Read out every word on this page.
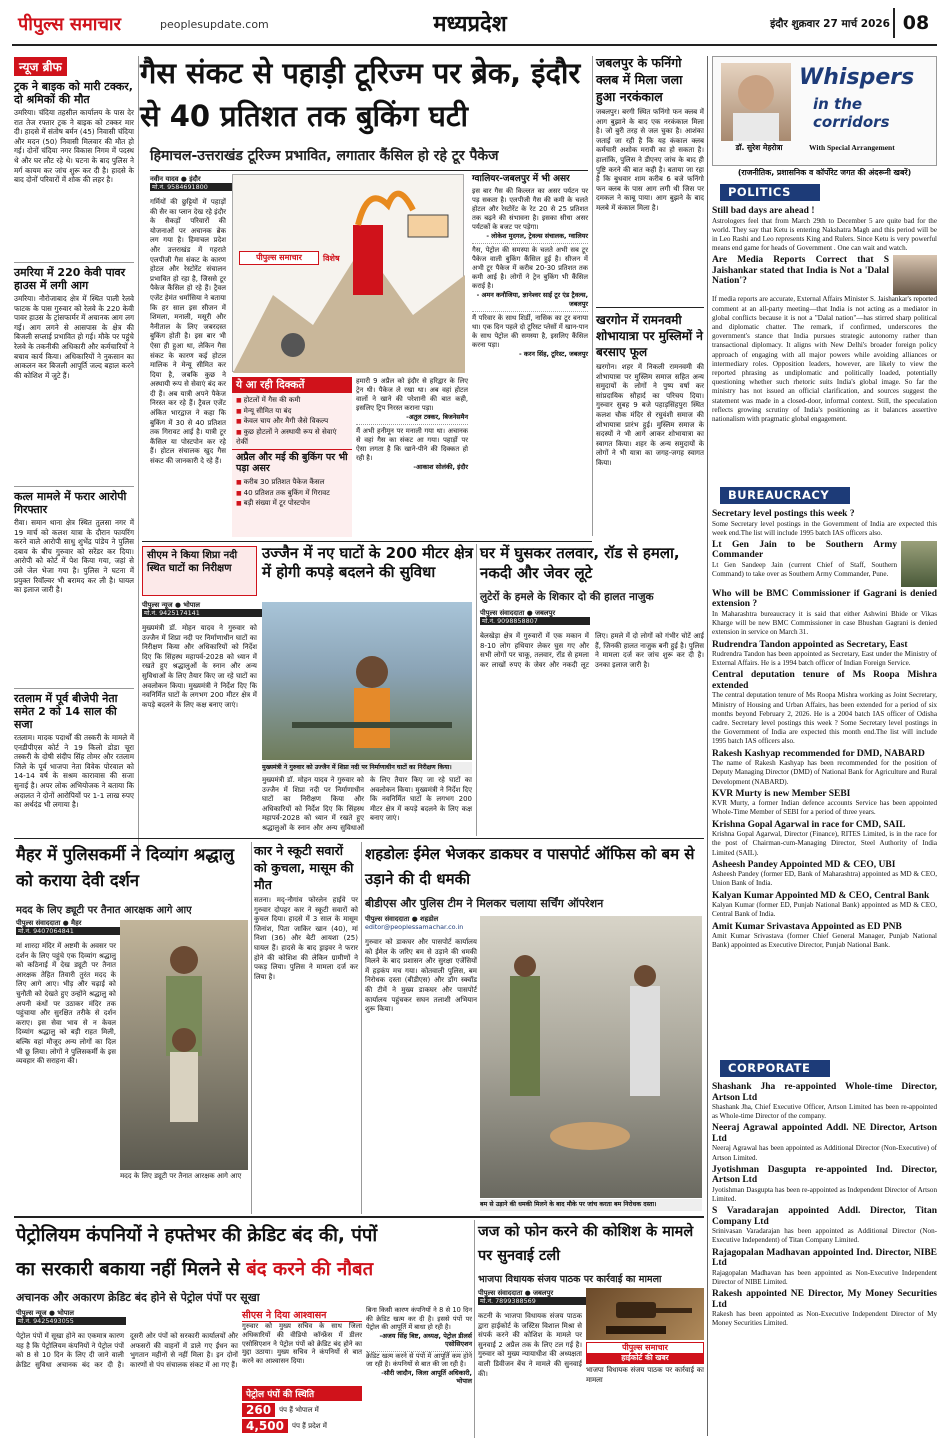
पीपुल्स समाचार	peoplesupdate.com	मध्यप्रदेश	इंदौर शुक्रवार 27 मार्च 2026 08
न्यूज ब्रीफ
ट्रक ने बाइक को मारी टक्कर, दो श्रमिकों की मौत
उमरिया। चंदिया तहसील कार्यालय के पास देर रात तेज रफ्तार ट्रक ने बाइक को टक्कर मार दी। हादसे में संतोष बर्मन (45) निवासी चंदिया और मदन (50) निवासी मिलवार की मौत हो गई। दोनों चंदिया नगर विकास निगम में पदस्थ थे और घर लौट रहे थे। घटना के बाद पुलिस ने मर्ग कायम कर जांच शुरू कर दी है। हादसे के बाद दोनों परिवारों में शोक की लहर है।
उमरिया में 220 केवी पावर हाउस में लगी आग
उमरिया। नौरोजाबाद क्षेत्र में स्थित पाली रेलवे फाटक के पास गुरुवार को रेलवे के 220 केवी पावर हाउस के ट्रांसफार्मर में अचानक आग लग गई। आग लगने से आसपास के क्षेत्र की बिजली सप्लाई प्रभावित हो गई। मौके पर पहुंचे रेलवे के तकनीकी अधिकारी और कर्मचारियों ने बचाव कार्य किया। अधिकारियों ने नुकसान का आकलन कर बिजली आपूर्ति जल्द बहाल करने की कोशिश में जुटे हैं।
कत्ल मामले में फरार आरोपी गिरफ्तार
रीवा। समान थाना क्षेत्र स्थित तुलसा नगर में 19 मार्च को कलश यात्रा के दौरान फायरिंग करने वाले आरोपी साधु शुभेंद्र पांडेय ने पुलिस दबाव के बीच गुरुवार को सरेंडर कर दिया। आरोपी को कोर्ट में पेश किया गया, जहां से उसे जेल भेजा गया है। पुलिस ने घटना में प्रयुक्त रिवॉल्वर भी बरामद कर ली है। घायल का इलाज जारी है।
रतलाम में पूर्व बीजेपी नेता समेत 2 को 14 साल की सजा
रतलाम। मादक पदार्थों की तस्करी के मामले में एनडीपीएस कोर्ट ने 19 किलो डोडा चूरा तस्करी के दोषी संदीप सिंह तोमर और रतलाम जिले के पूर्व भाजपा नेता विवेक पोरवाल को 14-14 वर्ष के सश्रम कारावास की सजा सुनाई है। अपर लोक अभियोजक ने बताया कि अदालत ने दोनों आरोपियों पर 1-1 लाख रुपए का अर्थदंड भी लगाया है।
गैस संकट से पहाड़ी टूरिज्म पर ब्रेक, इंदौर से 40 प्रतिशत तक बुकिंग घटी
हिमाचल-उत्तराखंड टूरिज्म प्रभावित, लगातार कैंसिल हो रहे टूर पैकेज
नवीन यादव ● इंदौर
मो.नं. 9584691800
गर्मियों की छुट्टियों में पहाड़ों की सैर का प्लान देख रहे इंदौर के सैकड़ों परिवारों की योजनाओं पर अचानक ब्रेक लग गया है। हिमाचल प्रदेश और उत्तराखंड में गहराते एलपीजी गैस संकट के कारण होटल और रेस्टोरेंट संचालन प्रभावित हो रहा है, जिससे टूर पैकेज कैंसिल हो रहे हैं। ट्रैवल एजेंट हेमंत धर्मासिया ने बताया कि हर साल इस सीजन में शिमला, मनाली, मसूरी और नैनीताल के लिए जबरदस्त बुकिंग होती है। इस बार भी ऐसा ही हुआ था, लेकिन गैस संकट के कारण कई होटल मालिक ने मेन्यू सीमित कर दिया है, जबकि कुछ ने अस्थायी रूप से सेवाएं बंद कर दी हैं। अब यात्री अपने पैकेज निरस्त कर रहे हैं। ट्रैवल एजेंट अंकित भारद्वाज ने कहा कि बुकिंग में 30 से 40 प्रतिशत तक गिरावट आई है। यात्री टूर कैंसिल या पोस्टपोन कर रहे हैं। होटल संचालक खुद गैस संकट की जानकारी दे रहे हैं।
पीपुल्स समाचार	विशेष
ये आ रही दिक्कतें
■ होटलों में गैस की कमी
■ मेन्यू सीमित या बंद
■ केवल चाय और मैगी जैसे विकल्प
■ कुछ होटलों ने अस्थायी रूप से सेवाएं रोकीं
अप्रैल और मई की बुकिंग पर भी पड़ा असर
■ करीब 30 प्रतिशत पैकेज कैंसल
■ 40 प्रतिशत तक बुकिंग में गिरावट
■ बड़ी संख्या में टूर पोस्टपोन
हमारी 9 अप्रैल को इंदौर से हरिद्वार के लिए ट्रेन थी। पैकेज ले रखा था। अब वहां होटल वालों ने खाने की परेशानी की बात कही, इसलिए ट्रिप निरस्त कराना पड़ा।
-अतुल टक्कर, बिजनेसमैन
मैं अभी हनीमून पर मनाली गया था। अचानक से वहां गैस का संकट आ गया। पहाड़ों पर ऐसा लगता है कि खाने-पीने की दिक्कत हो रही है।
-आकाश सोलंकी, इंदौर
ग्वालियर-जबलपुर में भी असर
इस बार गैस की किल्लत का असर पर्यटन पर पड़ सकता है। एलपीजी गैस की कमी के चलते होटल और रेस्टोरेंट के रेट 20 से 25 प्रतिशत तक बढ़ने की संभावना है। इसका सीधा असर पर्यटकों के बजट पर पड़ेगा।
- लोकेश मुदगल, ट्रेवल्स संचालक, ग्वालियर
गैस, पेट्रोल की समस्या के चलते अभी सब टूर पैकेज वाली बुकिंग कैंसिल हुई है। सीजन में अभी टूर पैकेज में करीब 20-30 प्रतिशत तक कमी आई है। लोगों ने ट्रेन बुकिंग भी कैंसिल कराई है।
- अमन कनौजिया, ज्ञानेश्वर साईं टूर एंड ट्रैवल्स, जबलपुर
मैं परिवार के साथ शिर्डी, नासिक का टूर बनाया था। एक दिन पहले दो टूरिस्ट प्लेसों में खान-पान के साथ पेट्रोल की समस्या है, इसलिए कैंसिल करना पड़ा।
- करन सिंह, टूरिस्ट, जबलपुर
जबलपुर के फनिंगो क्लब में मिला जला हुआ नरकंकाल
जबलपुर। बरगी स्थित फनिंगो फन क्लब में आग बुझाने के बाद एक नरकंकाल मिला है। जो बुरी तरह से जल चुका है। आशंका जताई जा रही है कि यह कंकाल क्लब कर्मचारी अशोक मरावी का हो सकता है। हालांकि, पुलिस ने डीएनए जांच के बाद ही पुष्टि करने की बात कही है। बताया जा रहा है कि बुधवार शाम करीब 6 बजे फनिंगो फन क्लब के पास आग लगी थी जिस पर दमकल ने काबू पाया। आग बुझने के बाद मलबे में कंकाल मिला है।
खरगोन में रामनवमी शोभायात्रा पर मुस्लिमों ने बरसाए फूल
खरगोन। शहर में निकली रामनवमी की शोभायात्रा पर मुस्लिम समाज सहित अन्य समुदायों के लोगों ने पुष्प वर्षा कर सांप्रदायिक सौहार्द का परिचय दिया। गुरुवार सुबह 9 बजे पहाड़सिंहपुरा स्थित कलश चौक मंदिर से रघुवंशी समाज की शोभायात्रा प्रारंभ हुई। मुस्लिम समाज के सदस्यों ने भी आगे आकर शोभायात्रा का स्वागत किया। शहर के अन्य समुदायों के लोगों ने भी यात्रा का जगह-जगह स्वागत किया।
सीएम ने किया शिप्रा नदी स्थित घाटों का निरीक्षण
उज्जैन में नए घाटों के 200 मीटर क्षेत्र में होगी कपड़े बदलने की सुविधा
पीपुल्स न्यूज ● भोपाल
मो.नं. 9425174141
मुख्यमंत्री डॉ. मोहन यादव ने गुरुवार को उज्जैन में शिप्रा नदी पर निर्माणाधीन घाटों का निरीक्षण किया और अधिकारियों को निर्देश दिए कि सिंहस्थ महापर्व-2028 को ध्यान में रखते हुए श्रद्धालुओं के स्नान और अन्य सुविधाओं के लिए तैयार किए जा रहे घाटों का अवलोकन किया। मुख्यमंत्री ने निर्देश दिए कि नवनिर्मित घाटों के लगभग 200 मीटर क्षेत्र में कपड़े बदलने के लिए कक्ष बनाए जाएं।
मुख्यमंत्री ने गुरुवार को उज्जैन में शिप्रा नदी पर निर्माणाधीन घाटों का निरीक्षण किया।
मुख्यमंत्री डॉ. मोहन यादव ने गुरुवार को उज्जैन में शिप्रा नदी पर निर्माणाधीन घाटों का निरीक्षण किया और अधिकारियों को निर्देश दिए कि सिंहस्थ महापर्व-2028 को ध्यान में रखते हुए श्रद्धालुओं के स्नान और अन्य सुविधाओं के लिए तैयार किए जा रहे घाटों का अवलोकन किया। मुख्यमंत्री ने निर्देश दिए कि नवनिर्मित घाटों के लगभग 200 मीटर क्षेत्र में कपड़े बदलने के लिए कक्ष बनाए जाएं।
घर में घुसकर तलवार, रॉड से हमला, नकदी और जेवर लूटे
लुटेरों के हमले के शिकार दो की हालत नाजुक
पीपुल्स संवाददाता ● जबलपुर
मो.नं. 9098858807
बेलखेड़ा क्षेत्र में गुरुवारों में एक मकान में 8-10 लोग हथियार लेकर घुस गए और सभी लोगों पर चाकू, तलवार, रॉड से हमला कर लाखों रुपए के जेवर और नकदी लूट लिए। हमले में दो लोगों को गंभीर चोटें आई हैं, जिनकी हालत नाजुक बनी हुई है। पुलिस ने मामला दर्ज कर जांच शुरू कर दी है। उनका इलाज जारी है।
मैहर में पुलिसकर्मी ने दिव्यांग श्रद्धालु को कराया देवी दर्शन
मदद के लिए ड्यूटी पर तैनात आरक्षक आगे आए
पीपुल्स संवाददाता ● मैहर
मो.नं. 9407064841
मां शारदा मंदिर में अष्टमी के अवसर पर दर्शन के लिए पहुंचे एक दिव्यांग श्रद्धालु को कठिनाई में देख ड्यूटी पर तैनात आरक्षक तेहित तिवारी तुरंत मदद के लिए आगे आए। भीड़ और चढ़ाई को चुनौती को देखते हुए उन्होंने श्रद्धालु को अपनी कंधों पर उठाकर मंदिर तक पहुंचाया और सुरक्षित तरीके से दर्शन कराए। इस सेवा भाव से न केवल दिव्यांग श्रद्धालु को बड़ी राहत मिली, बल्कि वहां मौजूद अन्य लोगों का दिल भी छू लिया। लोगों ने पुलिसकर्मी के इस व्यवहार की सराहना की।
मदद के लिए ड्यूटी पर तैनात आरक्षक आगे आए
कार ने स्कूटी सवारों को कुचला, मासूम की मौत
सतना। मद्-नौगांव फोरलेन हाईवे पर गुरुवार दोपहर कार ने स्कूटी सवारों को कुचल दिया। हादसे में 3 साल के मासूम जिनांश, पिता जाकिर खान (40), मां निशा (36) और बेटी आयशा (25) घायल हैं। हादसे के बाद ड्राइवर ने फरार होने की कोशिश की लेकिन ग्रामीणों ने पकड़ लिया। पुलिस ने मामला दर्ज कर लिया है।
शहडोलः ईमेल भेजकर डाकघर व पासपोर्ट ऑफिस को बम से उड़ाने की दी धमकी
बीडीएस और पुलिस टीम ने मिलकर चलाया सर्चिंग ऑपरेशन
पीपुल्स संवाददाता ● शहडोल
editor@peoplessamachar.co.in
गुरुवार को डाकघर और पासपोर्ट कार्यालय को ईमेल के जरिए बम से उड़ाने की धमकी मिलने के बाद प्रशासन और सुरक्षा एजेंसियों में हड़कंप मच गया। कोतवाली पुलिस, बम निरोधक दस्ता (बीडीएस) और डॉग स्क्वॉड की टीमें ने मुख्य डाकघर और पासपोर्ट कार्यालय पहुंचकर सघन तलाशी अभियान शुरू किया।
बम से उड़ाने की धमकी मिलने के बाद मौके पर जांच करता बम निरोधक दस्ता।
पेट्रोलियम कंपनियों ने हफ्तेभर की क्रेडिट बंद की, पंपों
का सरकारी बकाया नहीं मिलने से बंद करने की नौबत
अचानक और अकारण क्रेडिट बंद होने से पेट्रोल पंपों पर सूखा
पीपुल्स न्यूज ● भोपाल
मो.नं. 9425493055
पेट्रोल पंपों में सूखा होने का एकमात्र कारण यह है कि पेट्रोलियम कंपनियों ने पेट्रोल पंपों को 8 से 10 दिन के लिए दी जाने वाली क्रेडिट सुविधा अचानक बंद कर दी है। दूसरी ओर पंपों को सरकारी कार्यालयों और अफसरों की वाहनों में डाले गए ईंधन का भुगतान महीनों से नहीं मिला है। इन दोनों कारणों से पंप संचालक संकट में आ गए हैं।
सीएस ने दिया आश्वासन
गुरुवार को मुख्य सचिव के साथ जिला अधिकारियों की वीडियो कॉन्फ्रेंस में डीलर एसोसिएशन ने पेट्रोल पंपों को क्रेडिट बंद होने का मुद्दा उठाया। मुख्य सचिव ने कंपनियों से बात करने का आश्वासन दिया।
पेट्रोल पंपों की स्थिति
260	पंप हैं भोपाल में
4,500	पंप हैं प्रदेश में
बिना किसी कारण कंपनियों ने 8 से 10 दिन की क्रेडिट खत्म कर दी है। इससे पंपों पर पेट्रोल की आपूर्ति में बाधा हो रही है।
-अजय सिंह बिष्ट, अध्यक्ष, पेट्रोल डीलर्स एसोसिएशन
क्रेडिट खत्म करने से पंपों में आपूर्ति कम होने जा रही है। कंपनियों से बात की जा रही है।
-सौरी जादौन, जिला आपूर्ति अधिकारी, भोपाल
जज को फोन करने की कोशिश के मामले पर सुनवाई टली
भाजपा विधायक संजय पाठक पर कार्रवाई का मामला
पीपुल्स संवाददाता ● जबलपुर
मो.नं. 7899388569
कटनी के भाजपा विधायक संजय पाठक द्वारा हाईकोर्ट के जस्टिस विशाल मिश्रा से संपर्क करने की कोशिश के मामले पर सुनवाई 2 अप्रैल तक के लिए टल गई है। गुरुवार को मुख्य न्यायाधीश की अध्यक्षता वाली डिवीजन बेंच ने मामले की सुनवाई की।
पीपुल्स समाचार
हाईकोर्ट की खबर
भाजपा विधायक संजय पाठक पर कार्रवाई का मामला
Whispers
in the corridors
डॉ. सुरेश मेहरोत्रा	With Special Arrangement
(राजनीतिक, प्रशासनिक व कॉर्पोरेट जगत की अंदरूनी खबरें)
POLITICS
Still bad days are ahead !
Astrologers feel that from March 29th to December 5 are quite bad for the world. They say that Ketu is entering Nakshatra Magh and this period will be in Leo Rashi and Leo represents King and Rulers. Since Ketu is very powerful means end game for heads of Government . One can wait and watch.
Are Media Reports Correct that S Jaishankar stated that India is Not a 'Dalal Nation'?
If media reports are accurate, External Affairs Minister S. Jaishankar's reported comment at an all-party meeting—that India is not acting as a mediator in global conflicts because it is not a "Dalal nation"—has stirred sharp political and diplomatic chatter. The remark, if confirmed, underscores the government's stance that India pursues strategic autonomy rather than transactional diplomacy. It aligns with New Delhi's broader foreign policy approach of engaging with all major powers while avoiding alliances or intermediary roles. Opposition leaders, however, are likely to view the reported phrasing as undiplomatic and politically loaded, potentially questioning whether such rhetoric suits India's global image. So far the ministry has not issued an official clarification, and sources suggest the statement was made in a closed-door, informal context. Still, the speculation reflects growing scrutiny of India's positioning as it balances assertive nationalism with pragmatic global engagement.
BUREAUCRACY
Secretary level postings this week ?
Some Secretary level postings in the Government of India are expected this week end.The list will include 1995 batch IAS officers also.
Lt Gen Jain to be Southern Army Commander
Lt Gen Sandeep Jain (current Chief of Staff, Southern Command) to take over as Southern Army Commander, Pune.
Who will be BMC Commissioner if Gagrani is denied extension ?
In Maharashtra bureaucracy it is said that either Ashwini Bhide or Vikas Kharge will be new BMC Commissioner in case Bhushan Gagrani is denied extension in service on March 31.
Rudrendra Tandon appointed as Secretary, East
Rudrendra Tandon has been appointed as Secretary, East under the Ministry of External Affairs. He is a 1994 batch officer of Indian Foreign Service.
Central deputation tenure of Ms Roopa Mishra extended
The central deputation tenure of Ms Roopa Mishra working as Joint Secretary, Ministry of Housing and Urban Affairs, has been extended for a period of six months beyond February 2, 2026. He is a 2004 batch IAS officer of Odisha cadre. Secretary level postings this week ? Some Secretary level postings in the Government of India are expected this month end.The list will include 1995 batch IAS officers also.
Rakesh Kashyap recommended for DMD, NABARD
The name of Rakesh Kashyap has been recommended for the position of Deputy Managing Director (DMD) of National Bank for Agriculture and Rural Development (NABARD).
KVR Murty is new Member SEBI
KVR Murty, a former Indian defence accounts Service has been appointed Whole-Time Member of SEBI for a period of three years.
Krishna Gopal Agarwal in race for CMD, SAIL
Krishna Gopal Agarwal, Director (Finance), RITES Limited, is in the race for the post of Chairman-cum-Managing Director, Steel Authority of India Limited (SAIL).
Asheesh Pandey Appointed MD & CEO, UBI
Asheesh Pandey (former ED, Bank of Maharashtra) appointed as MD & CEO, Union Bank of India.
Kalyan Kumar Appointed MD & CEO, Central Bank
Kalyan Kumar (former ED, Punjab National Bank) appointed as MD & CEO, Central Bank of India.
Amit Kumar Srivastava Appointed as ED PNB
Amit Kumar Srivastava (former Chief General Manager, Punjab National Bank) appointed as Executive Director, Punjab National Bank.
CORPORATE
Shashank Jha re-appointed Whole-time Director, Artson Ltd
Shashank Jha, Chief Executive Officer, Artson Limited has been re-appointed as Whole-time Director of the company.
Neeraj Agrawal appointed Addl. NE Director, Artson Ltd
Neeraj Agrawal has been appointed as Additional Director (Non-Executive) of Artson Limited.
Jyotishman Dasgupta re-appointed Ind. Director, Artson Ltd
Jyotishman Dasgupta has been re-appointed as Independent Director of Artson Limited.
S Varadarajan appointed Addl. Director, Titan Company Ltd
Srinivasan Varadarajan has been appointed as Additional Director (Non-Executive Independent) of Titan Company Limited.
Rajagopalan Madhavan appointed Ind. Director, NIBE Ltd
Rajagopalan Madhavan has been appointed as Non-Executive Independent Director of NIBE Limited.
Rakesh appointed NE Director, My Money Securities Ltd
Rakesh has been appointed as Non-Executive Independent Director of My Money Securities Limited.
